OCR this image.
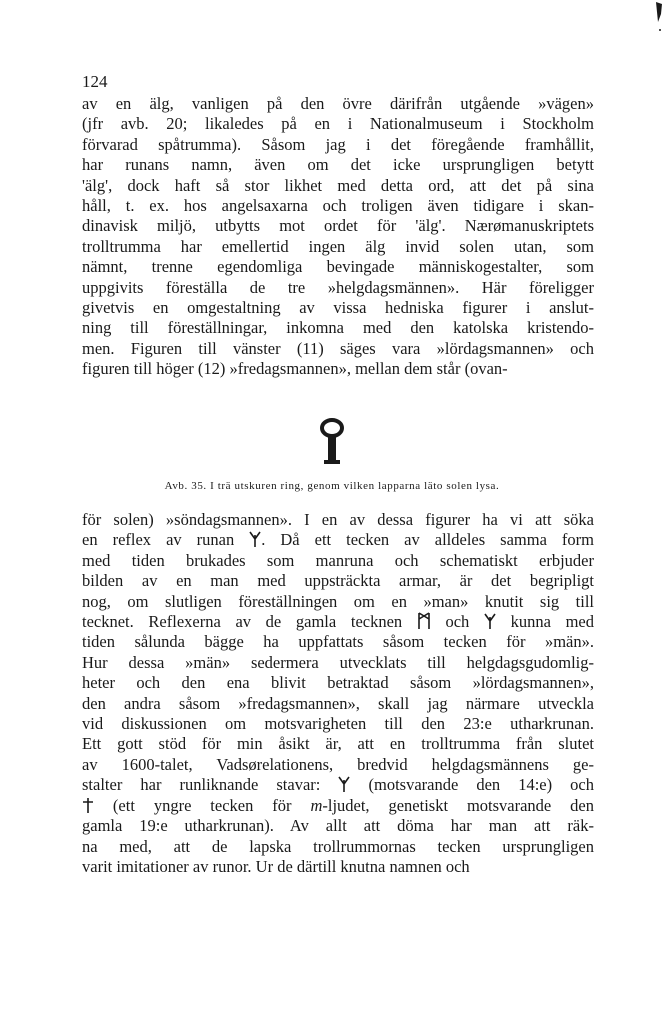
124
av en älg, vanligen på den övre därifrån utgående »vägen»
(jfr avb. 20; likaledes på en i Nationalmuseum i Stockholm
förvarad spåtrumma). Såsom jag i det föregående framhållit,
har runans namn, även om det icke ursprungligen betytt
'älg', dock haft så stor likhet med detta ord, att det på sina
håll, t. ex. hos angelsaxarna och troligen även tidigare i skan-
dinavisk miljö, utbytts mot ordet för 'älg'. Nærømanuskriptets
trolltrumma har emellertid ingen älg invid solen utan, som
nämnt, trenne egendomliga bevingade människogestalter, som
uppgivits föreställa de tre »helgdagsmännen». Här föreligger
givetvis en omgestaltning av vissa hedniska figurer i anslut-
ning till föreställningar, inkomna med den katolska kristendo-
men. Figuren till vänster (11) säges vara »lördagsmannen» och
figuren till höger (12) »fredagsmannen», mellan dem står (ovan-
Avb. 35. I trä utskuren ring, genom vilken lapparna läto solen lysa.
för solen) »söndagsmannen». I en av dessa figurer ha vi att söka
en reflex av runan . Då ett tecken av alldeles samma form
med tiden brukades som manruna och schematiskt erbjuder
bilden av en man med uppsträckta armar, är det begripligt
nog, om slutligen föreställningen om en »man» knutit sig till
tecknet. Reflexerna av de gamla tecknen	och	kunna med
tiden sålunda bägge ha uppfattats såsom tecken för »män».
Hur dessa »män» sedermera utvecklats till helgdagsgudomlig-
heter och den ena blivit betraktad såsom »lördagsmannen»,
den andra såsom »fredagsmannen», skall jag närmare utveckla
vid diskussionen om motsvarigheten till den 23:e utharkrunan.
Ett gott stöd för min åsikt är, att en trolltrumma från slutet
av 1600-talet, Vadsørelationens, bredvid helgdagsmännens ge-
stalter har runliknande stavar:	(motsvarande den 14:e) och
(ett yngre tecken för m-ljudet, genetiskt motsvarande den
gamla 19:e utharkrunan). Av allt att döma har man att räk-
na med, att de lapska trollrummornas tecken ursprungligen
varit imitationer av runor. Ur de därtill knutna namnen och
